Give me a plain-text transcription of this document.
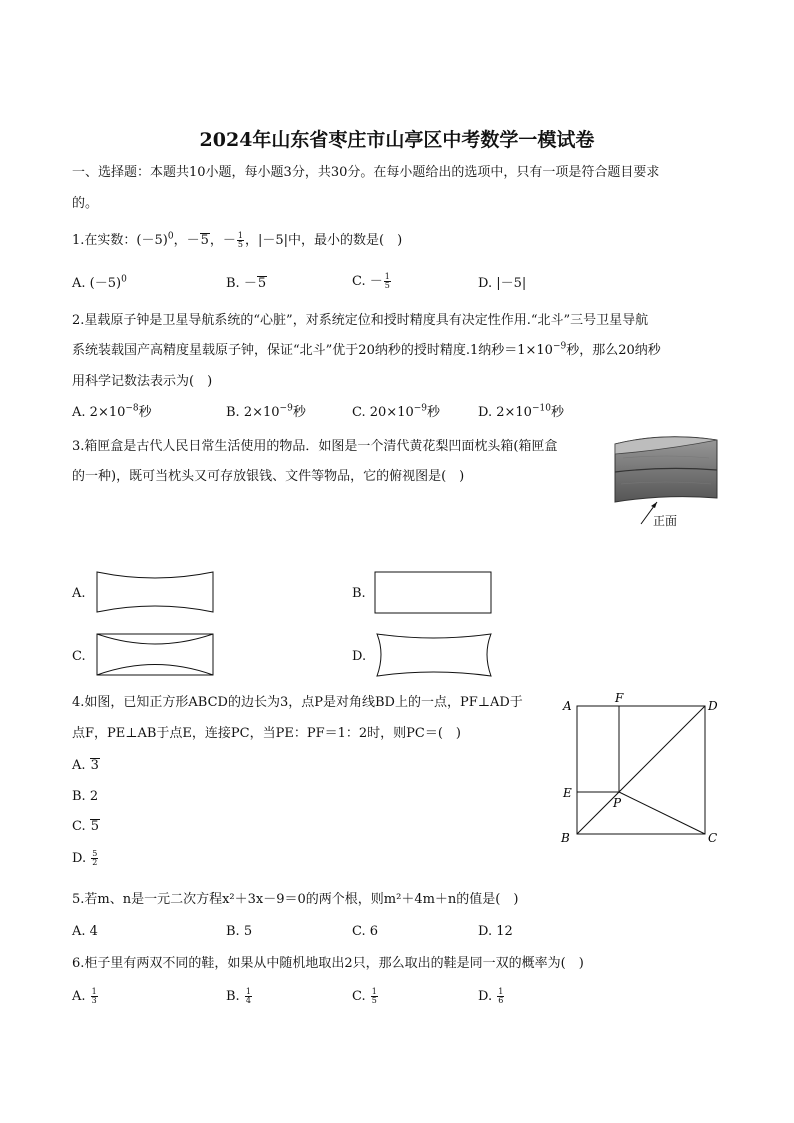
2024年山东省枣庄市山亭区中考数学一模试卷
一、选择题：本题共10小题，每小题3分，共30分。在每小题给出的选项中，只有一项是符合题目要求
的。
1.在实数：$(-5)^0$，－5，－ $\frac{1}{5}$ ，|－5|中，最小的数是(　)
A. $(-5)^0$	B. －5	C. － $\frac{1}{5}$	D. |－5|
2.星载原子钟是卫星导航系统的“心脏”，对系统定位和授时精度具有决定性作用.“北斗”三号卫星导航
系统装载国产高精度星载原子钟，保证“北斗”优于20纳秒的授时精度.1纳秒$=1\times 10^{-9}$秒，那么20纳秒
用科学记数法表示为(　)
A. $2\times 10^{-8}$秒	B. $2\times 10^{-9}$秒	C. $20\times 10^{-9}$秒	D. $2\times 10^{-10}$秒
3.箱匣盒是古代人民日常生活使用的物品．如图是一个清代黄花梨凹面枕头箱(箱匣盒
的一种)，既可当枕头又可存放银钱、文件等物品，它的俯视图是(　)
正面
A.	B.
C.	D.
4.如图，已知正方形ABCD的边长为3，点P是对角线BD上的一点，PF⊥AD于
点F，PE⊥AB于点E，连接PC，当PE：PF＝1：2时，则PC＝(　)
A. 3
B. 2
C. 5
D. $\frac{5}{2}$
A
F
D
E
P
B	C
5.若m、n是一元二次方程x²＋3x－9＝0的两个根，则m²＋4m＋n的值是(　)
A. 4	B. 5	C. 6	D. 12
6.柜子里有两双不同的鞋，如果从中随机地取出2只，那么取出的鞋是同一双的概率为(　)
A. $\frac{1}{3}$	B. $\frac{1}{4}$	C. $\frac{1}{5}$	D. $\frac{1}{6}$
